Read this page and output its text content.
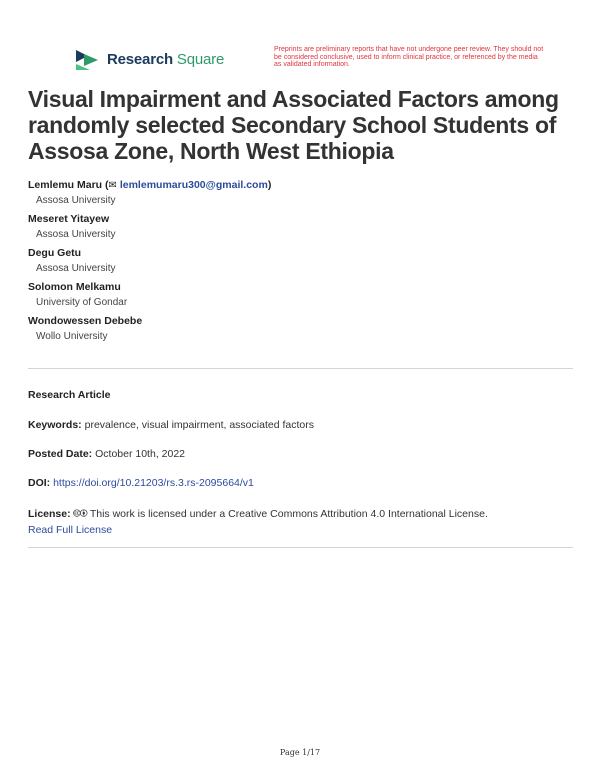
Research Square
Preprints are preliminary reports that have not undergone peer review. They should not be considered conclusive, used to inform clinical practice, or referenced by the media as validated information.
Visual Impairment and Associated Factors among randomly selected Secondary School Students of Assosa Zone, North West Ethiopia
Lemlemu Maru (✉ lemlemumaru300@gmail.com)
Assosa University
Meseret Yitayew
Assosa University
Degu Getu
Assosa University
Solomon Melkamu
University of Gondar
Wondowessen Debebe
Wollo University
Research Article
Keywords: prevalence, visual impairment, associated factors
Posted Date: October 10th, 2022
DOI: https://doi.org/10.21203/rs.3.rs-2095664/v1
License: 🅭🅯 This work is licensed under a Creative Commons Attribution 4.0 International License.
Read Full License
Page 1/17
